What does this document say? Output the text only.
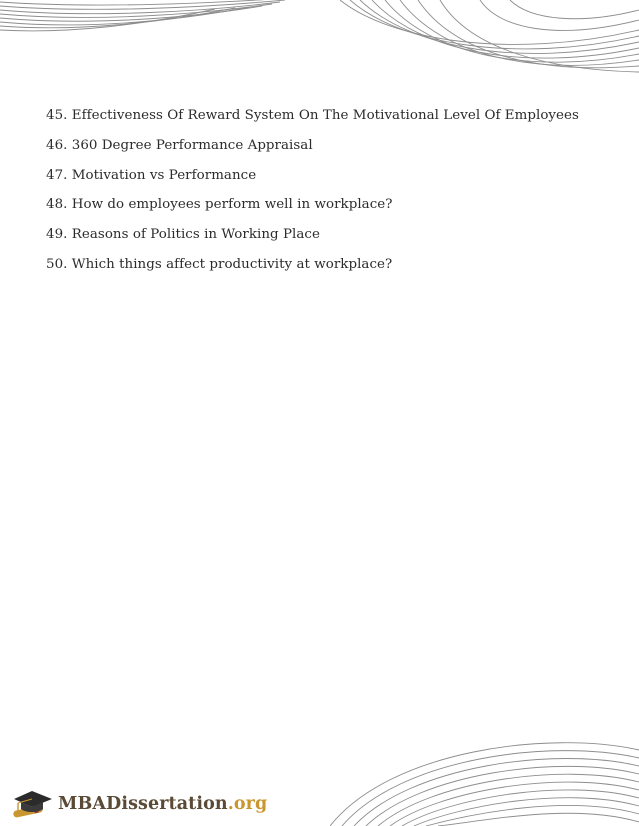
45. Effectiveness Of Reward System On The Motivational Level Of Employees
46. 360 Degree Performance Appraisal
47. Motivation vs Performance
48. How do employees perform well in workplace?
49. Reasons of Politics in Working Place
50. Which things affect productivity at workplace?
MBADissertation.org
